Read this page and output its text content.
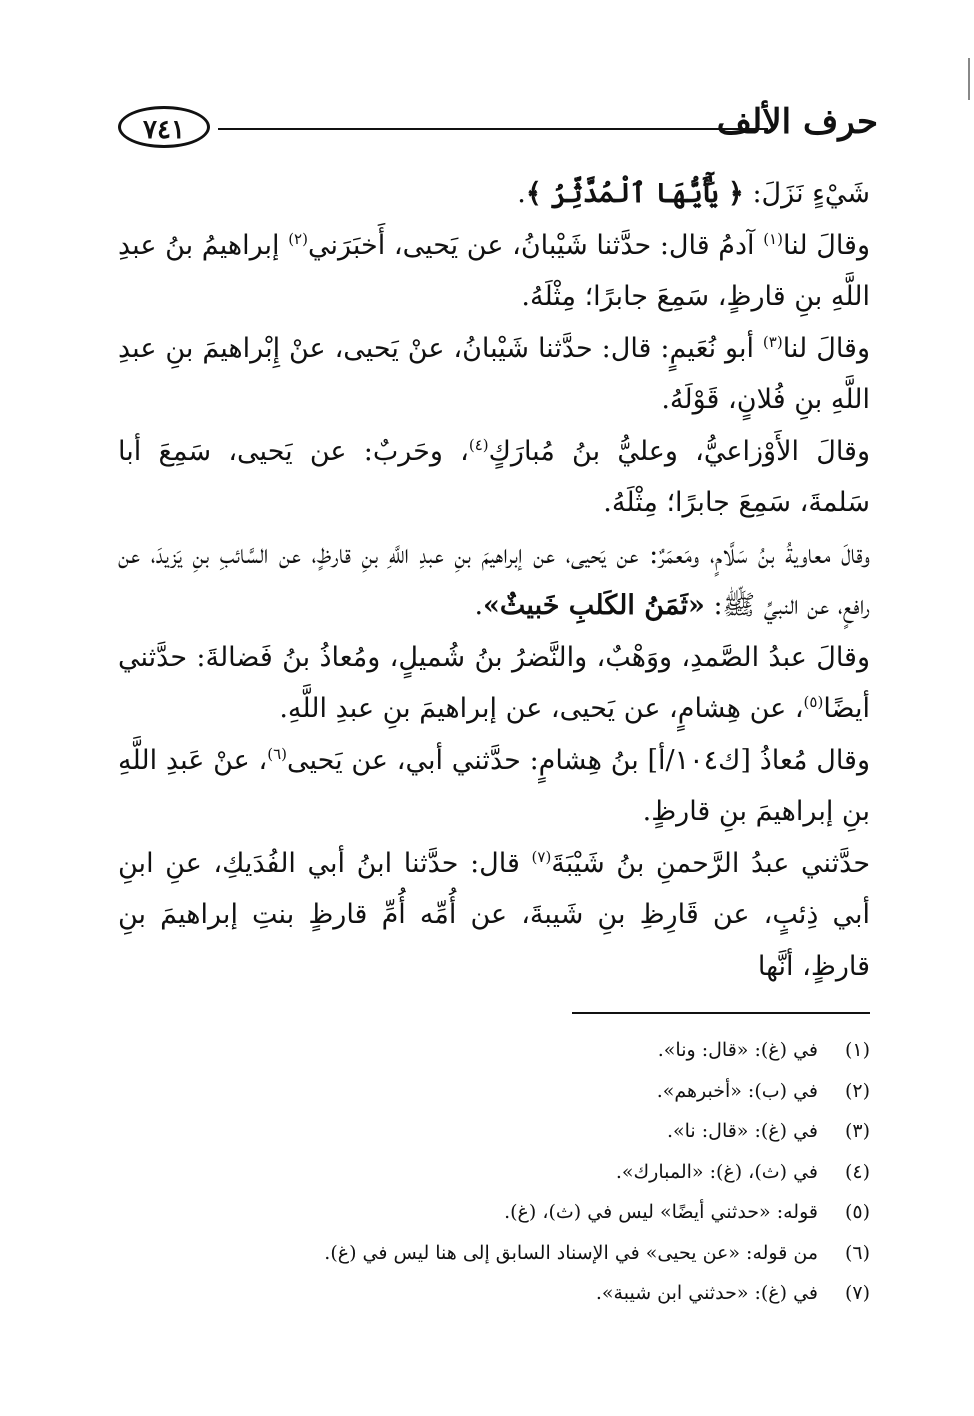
حرف الألف
٧٤١

شَيْءٍ نَزَلَ: ﴿ يَٰٓأَيُّهَا ٱلْمُدَّثِّرُ ﴾.

وقالَ لنا$^{(١)}$ آدمُ قال: حدَّثنا شَيْبانُ، عن يَحيى، أَخبَرَني$^{(٢)}$ إبراهيمُ بنُ عبدِ اللَّهِ بنِ قارظٍ، سَمِعَ جابرًا؛ مِثْلَهُ.

وقالَ لنا$^{(٣)}$ أبو نُعَيمٍ: قال: حدَّثنا شَيْبانُ، عنْ يَحيى، عنْ إِبْراهيمَ بنِ عبدِ اللَّهِ بنِ فُلانٍ، قَوْلَهُ.

وقالَ الأَوْزاعيُّ، وعليُّ بنُ مُبارَكٍ$^{(٤)}$، وحَربٌ: عن يَحيى، سَمِعَ أبا سَلمةَ، سَمِعَ جابرًا؛ مِثْلَهُ.

وقالَ معاويةُ بنُ سَلَّامٍ، ومَعمَرٌ: عن يَحيى، عن إبراهيمَ بنِ عبدِ اللَّهِ بنِ قارظٍ، عن السَّائبِ بنِ يَزيدَ، عن رافعٍ، عن النبيِّ ﷺ: «ثَمَنُ الكَلبِ خَبيثٌ».

وقالَ عبدُ الصَّمدِ، ووَهْبٌ، والنَّضرُ بنُ شُميلٍ، ومُعاذُ بنُ فَضالةَ: حدَّثني أيضًا$^{(٥)}$، عن هِشامٍ، عن يَحيى، عن إبراهيمَ بنِ عبدِ اللَّهِ.

وقال مُعاذُ [ك١٠٤/أ] بنُ هِشامٍ: حدَّثني أبي، عن يَحيى$^{(٦)}$، عنْ عَبدِ اللَّهِ بنِ إبراهيمَ بنِ قارظٍ.

حدَّثني عبدُ الرَّحمنِ بنُ شَيْبَةَ$^{(٧)}$ قال: حدَّثنا ابنُ أبي الفُدَيكِ، عنِ ابنِ أبي ذِئبٍ، عن قَارِظِ بنِ شَيبةَ، عن أُمِّه أُمِّ قارظٍ بنتِ إبراهيمَ بنِ قارظٍ، أنَّها

(١)في (غ): «قال: ونا».
(٢)في (ب): «أخبرهم».
(٣)في (غ): «قال: نا».
(٤)في (ث)، (غ): «المبارك».
(٥)قوله: «حدثني أيضًا» ليس في (ث)، (غ).
(٦)من قوله: «عن يحيى» في الإسناد السابق إلى هنا ليس في (غ).
(٧)في (غ): «حدثني ابن شيبة».
